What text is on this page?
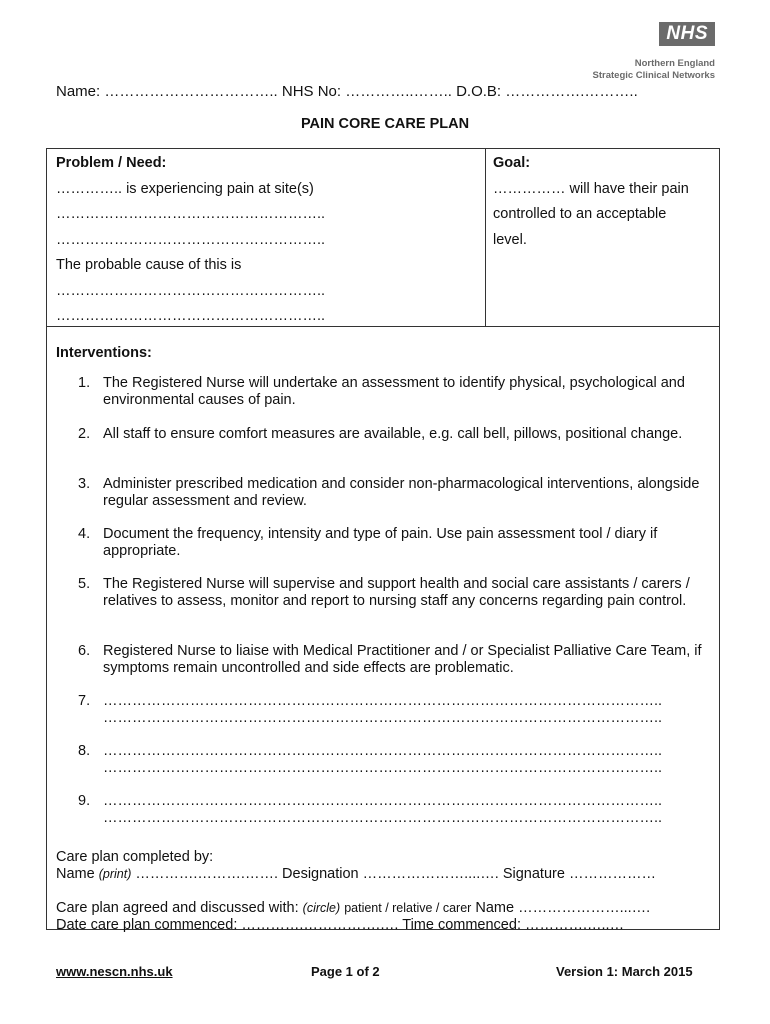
NHS
Northern England
Strategic Clinical Networks
Name: …………………………….. NHS No: …………..…….. D.O.B: …………….………..
PAIN CORE CARE PLAN
Problem / Need:
………….. is experiencing pain at site(s)
………………………………………………..
………………………………………………..
The probable cause of this is
………………………………………………..
………………………………………………..
Goal:
…………… will have their pain
controlled to an acceptable
level.
Interventions:
1. The Registered Nurse will undertake an assessment to identify physical, psychological and environmental causes of pain.
2. All staff to ensure comfort measures are available, e.g. call bell, pillows, positional change.
3. Administer prescribed medication and consider non-pharmacological interventions, alongside regular assessment and review.
4. Document the frequency, intensity and type of pain. Use pain assessment tool / diary if appropriate.
5. The Registered Nurse will supervise and support health and social care assistants / carers / relatives to assess, monitor and report to nursing staff any concerns regarding pain control.
6. Registered Nurse to liaise with Medical Practitioner and / or Specialist Palliative Care Team, if symptoms remain uncontrolled and side effects are problematic.
7. ……………………………………………………………………………………………………..
……………………………………………………………………………………………………..
8. ……………………………………………………………………………………………………..
……………………………………………………………………………………………………..
9. ……………………………………………………………………………………………………..
……………………………………………………………………………………………………..
Care plan completed by:
Name (print) ………….……….……. Designation …………………....…. Signature ………………
Care plan agreed and discussed with: (circle) patient / relative / carer Name …………………...….
Date care plan commenced: ………….…………….…. Time commenced: ………….…..…
www.nescn.nhs.uk	Page 1 of 2	Version 1: March 2015
